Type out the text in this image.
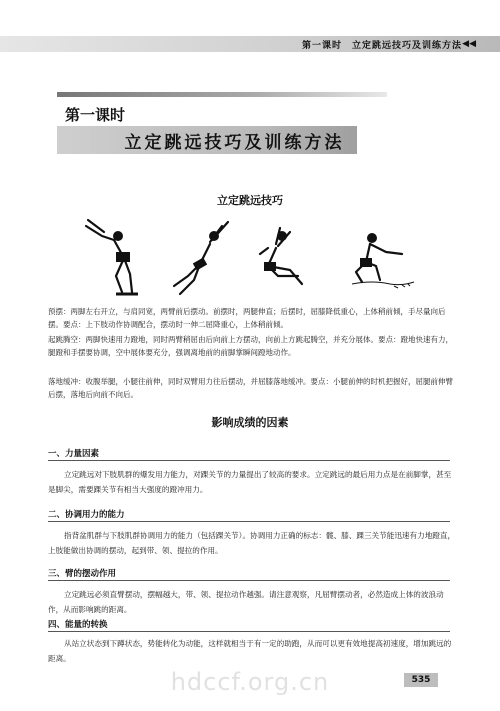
第一课时　立定跳远技巧及训练方法 ◀◀
第一课时
立定跳远技巧及训练方法
立定跳远技巧
预摆：两脚左右开立，与肩同宽，两臂前后摆动。前摆时，两腿伸直；后摆时，屈膝降低重心，上体稍前倾，手尽量向后摆。要点：上下肢动作协调配合，摆动时一伸二屈降重心，上体稍前倾。
起跳腾空：两脚快速用力蹬地，同时两臂稍屈由后向前上方摆动，向前上方跳起腾空，并充分展体。要点：蹬地快速有力，腿蹬和手摆要协调，空中展体要充分，强调离地前的前脚掌瞬间蹬地动作。
落地缓冲：收腹举腿，小腿往前伸，同时双臂用力往后摆动，并屈膝落地缓冲。要点：小腿前伸的时机把握好，屈腿前伸臂后摆，落地后向前不向后。
影响成绩的因素
一、力量因素
立定跳远对下肢肌群的爆发用力能力，对踝关节的力量提出了较高的要求。立定跳远的最后用力点是在前脚掌，甚至是脚尖，需要踝关节有相当大强度的蹬冲用力。
二、协调用力的能力
指背盆肌群与下肢肌群协调用力的能力（包括踝关节）。协调用力正确的标志：髋、膝、踝三关节能迅速有力地蹬直，上肢能做出协调的摆动，起到带、领、提拉的作用。
三、臂的摆动作用
立定跳远必须直臂摆动，摆幅越大，带、领、提拉动作越强。请注意观察，凡屈臂摆动者，必然造成上体的波浪动作，从而影响跳的距离。
四、能量的转换
从站立状态到下蹲状态，势能转化为动能，这样就相当于有一定的助跑，从而可以更有效地提高初速度，增加跳远的距离。
hdccf.org.cn	535
